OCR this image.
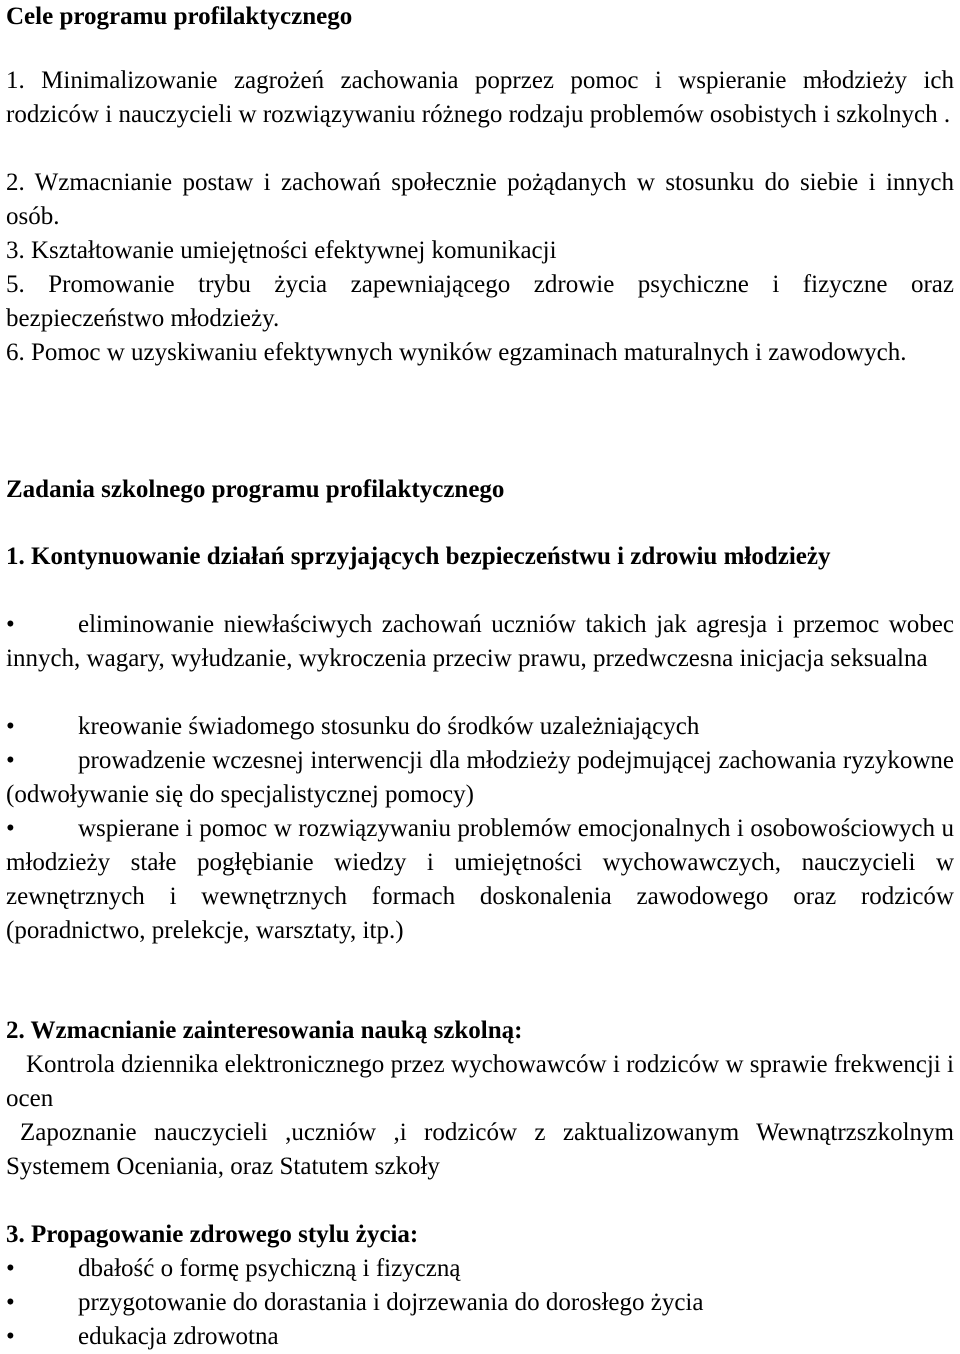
Cele programu profilaktycznego

1. Minimalizowanie zagrożeń zachowania poprzez pomoc i wspieranie młodzieży ich rodziców i nauczycieli w rozwiązywaniu różnego rodzaju problemów osobistych i szkolnych .

2. Wzmacnianie postaw i zachowań społecznie pożądanych w stosunku do siebie i innych osób.

3. Kształtowanie umiejętności efektywnej komunikacji

5. Promowanie trybu życia zapewniającego zdrowie psychiczne i fizyczne oraz bezpieczeństwo młodzieży.

6. Pomoc w uzyskiwaniu efektywnych wyników egzaminach maturalnych i zawodowych.

Zadania szkolnego programu profilaktycznego

1. Kontynuowanie działań sprzyjających bezpieczeństwu i zdrowiu młodzieży

•	eliminowanie niewłaściwych zachowań uczniów takich jak agresja i przemoc wobec innych, wagary, wyłudzanie, wykroczenia przeciw prawu, przedwczesna inicjacja seksualna

•	kreowanie świadomego stosunku do środków uzależniających

•	prowadzenie wczesnej interwencji dla młodzieży podejmującej zachowania ryzykowne (odwoływanie się do specjalistycznej pomocy)

•	wspierane i pomoc w rozwiązywaniu problemów emocjonalnych i osobowościowych u młodzieży stałe pogłębianie wiedzy i umiejętności wychowawczych, nauczycieli w zewnętrznych i wewnętrznych formach doskonalenia zawodowego oraz rodziców (poradnictwo, prelekcje, warsztaty, itp.)

2. Wzmacnianie zainteresowania nauką szkolną:

Kontrola dziennika elektronicznego przez wychowawców i rodziców w sprawie frekwencji i ocen

Zapoznanie nauczycieli ,uczniów ,i rodziców z zaktualizowanym Wewnątrzszkolnym Systemem Oceniania, oraz Statutem szkoły

3. Propagowanie zdrowego stylu życia:

•	dbałość o formę psychiczną i fizyczną
•	przygotowanie do dorastania i dojrzewania do dorosłego życia
•	edukacja zdrowotna
